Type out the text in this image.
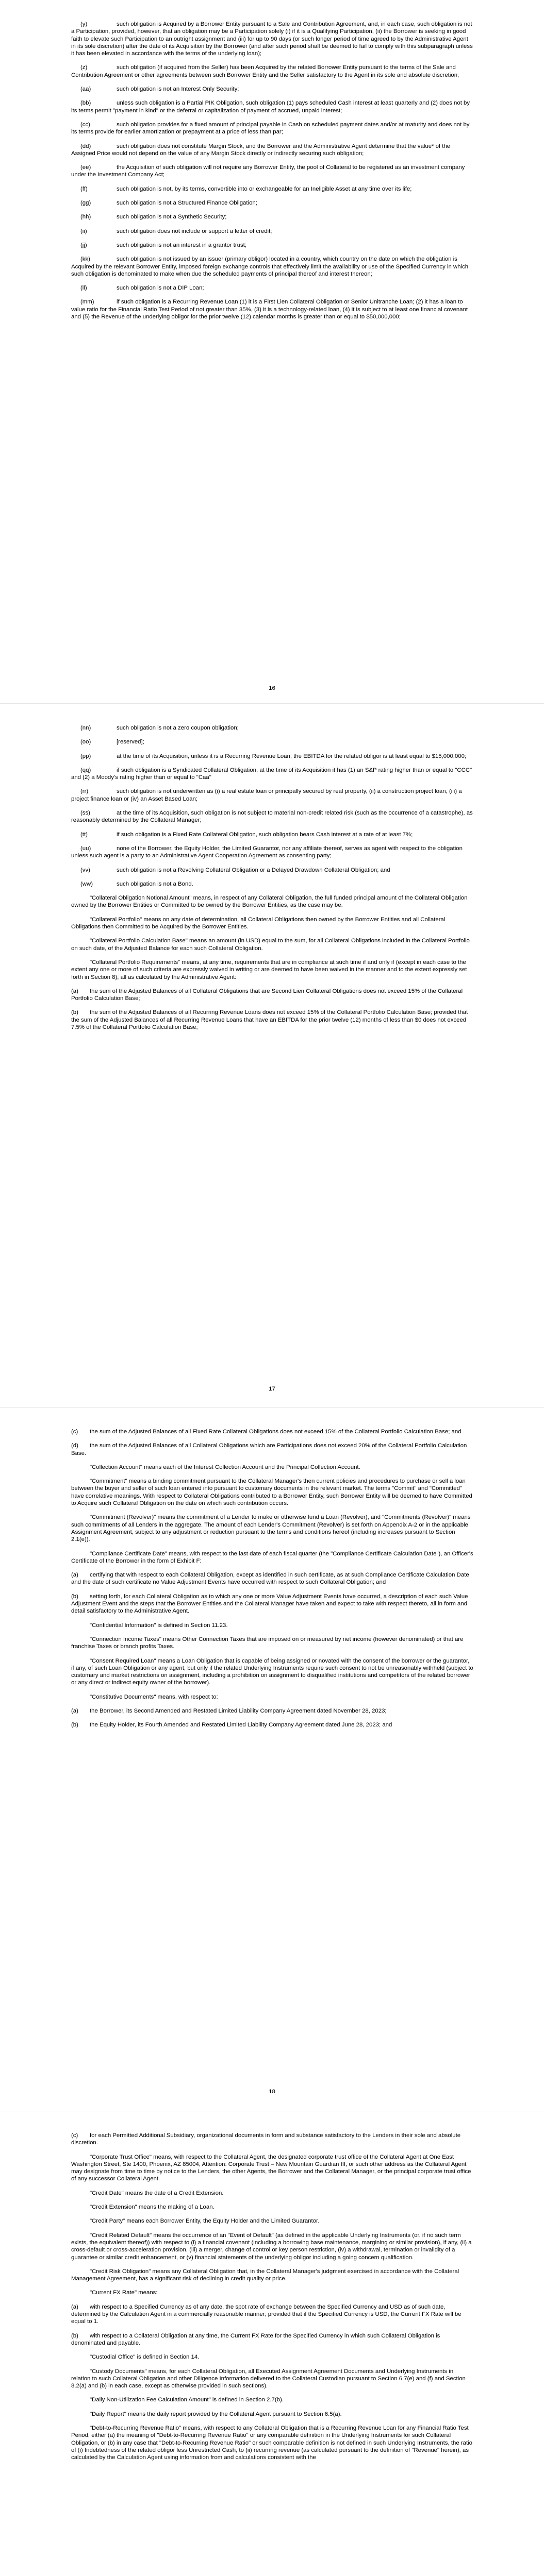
(y)	such obligation is Acquired by a Borrower Entity pursuant to a Sale and Contribution Agreement, and, in each case, such obligation is not a Participation, provided, however, that an obligation may be a Participation solely (i) if it is a Qualifying Participation, (ii) the Borrower is seeking in good faith to elevate such Participation to an outright assignment and (iii) for up to 90 days (or such longer period of time agreed to by the Administrative Agent in its sole discretion) after the date of its Acquisition by the Borrower (and after such period shall be deemed to fail to comply with this subparagraph unless it has been elevated in accordance with the terms of the underlying loan);

(z)	such obligation (if acquired from the Seller) has been Acquired by the related Borrower Entity pursuant to the terms of the Sale and Contribution Agreement or other agreements between such Borrower Entity and the Seller satisfactory to the Agent in its sole and absolute discretion;

(aa)	such obligation is not an Interest Only Security;

(bb)	unless such obligation is a Partial PIK Obligation, such obligation (1) pays scheduled Cash interest at least quarterly and (2) does not by its terms permit "payment in kind" or the deferral or capitalization of payment of accrued, unpaid interest;

(cc)	such obligation provides for a fixed amount of principal payable in Cash on scheduled payment dates and/or at maturity and does not by its terms provide for earlier amortization or prepayment at a price of less than par;

(dd)	such obligation does not constitute Margin Stock, and the Borrower and the Administrative Agent determine that the value* of the Assigned Price would not depend on the value of any Margin Stock directly or indirectly securing such obligation;

(ee)	the Acquisition of such obligation will not require any Borrower Entity, the pool of Collateral to be registered as an investment company under the Investment Company Act;

(ff)	such obligation is not, by its terms, convertible into or exchangeable for an Ineligible Asset at any time over its life;

(gg)	such obligation is not a Structured Finance Obligation;

(hh)	such obligation is not a Synthetic Security;

(ii)	such obligation does not include or support a letter of credit;

(jj)	such obligation is not an interest in a grantor trust;

(kk)	such obligation is not issued by an issuer (primary obligor) located in a country, which country on the date on which the obligation is Acquired by the relevant Borrower Entity, imposed foreign exchange controls that effectively limit the availability or use of the Specified Currency in which such obligation is denominated to make when due the scheduled payments of principal thereof and interest thereon;

(ll)	such obligation is not a DIP Loan;

(mm)	if such obligation is a Recurring Revenue Loan (1) it is a First Lien Collateral Obligation or Senior Unitranche Loan; (2) it has a loan to value ratio for the Financial Ratio Test Period of not greater than 35%, (3) it is a technology-related loan, (4) it is subject to at least one financial covenant and (5) the Revenue of the underlying obligor for the prior twelve (12) calendar months is greater than or equal to $50,000,000;

16

(nn)	such obligation is not a zero coupon obligation;

(oo)	[reserved];

(pp)	at the time of its Acquisition, unless it is a Recurring Revenue Loan, the EBITDA for the related obligor is at least equal to $15,000,000;

(qq)	if such obligation is a Syndicated Collateral Obligation, at the time of its Acquisition it has (1) an S&P rating higher than or equal to "CCC" and (2) a Moody's rating higher than or equal to "Caa"

(rr)	such obligation is not underwritten as (i) a real estate loan or principally secured by real property, (ii) a construction project loan, (iii) a project finance loan or (iv) an Asset Based Loan;

(ss)	at the time of its Acquisition, such obligation is not subject to material non-credit related risk (such as the occurrence of a catastrophe), as reasonably determined by the Collateral Manager;

(tt)	if such obligation is a Fixed Rate Collateral Obligation, such obligation bears Cash interest at a rate of at least 7%;

(uu)	none of the Borrower, the Equity Holder, the Limited Guarantor, nor any affiliate thereof, serves as agent with respect to the obligation unless such agent is a party to an Administrative Agent Cooperation Agreement as consenting party;

(vv)	such obligation is not a Revolving Collateral Obligation or a Delayed Drawdown Collateral Obligation; and

(ww)	such obligation is not a Bond.

"Collateral Obligation Notional Amount" means, in respect of any Collateral Obligation, the full funded principal amount of the Collateral Obligation owned by the Borrower Entities or Committed to be owned by the Borrower Entities, as the case may be.

"Collateral Portfolio" means on any date of determination, all Collateral Obligations then owned by the Borrower Entities and all Collateral Obligations then Committed to be Acquired by the Borrower Entities.

"Collateral Portfolio Calculation Base" means an amount (in USD) equal to the sum, for all Collateral Obligations included in the Collateral Portfolio on such date, of the Adjusted Balance for each such Collateral Obligation.

"Collateral Portfolio Requirements" means, at any time, requirements that are in compliance at such time if and only if (except in each case to the extent any one or more of such criteria are expressly waived in writing or are deemed to have been waived in the manner and to the extent expressly set forth in Section 8), all as calculated by the Administrative Agent:

(a) the sum of the Adjusted Balances of all Collateral Obligations that are Second Lien Collateral Obligations does not exceed 15% of the Collateral Portfolio Calculation Base;

(b) the sum of the Adjusted Balances of all Recurring Revenue Loans does not exceed 15% of the Collateral Portfolio Calculation Base; provided that the sum of the Adjusted Balances of all Recurring Revenue Loans that have an EBITDA for the prior twelve (12) months of less than $0 does not exceed 7.5% of the Collateral Portfolio Calculation Base;

17

(c) the sum of the Adjusted Balances of all Fixed Rate Collateral Obligations does not exceed 15% of the Collateral Portfolio Calculation Base; and

(d) the sum of the Adjusted Balances of all Collateral Obligations which are Participations does not exceed 20% of the Collateral Portfolio Calculation Base.

"Collection Account" means each of the Interest Collection Account and the Principal Collection Account.

"Commitment" means a binding commitment pursuant to the Collateral Manager's then current policies and procedures to purchase or sell a loan between the buyer and seller of such loan entered into pursuant to customary documents in the relevant market. The terms "Commit" and "Committed" have correlative meanings. With respect to Collateral Obligations contributed to a Borrower Entity, such Borrower Entity will be deemed to have Committed to Acquire such Collateral Obligation on the date on which such contribution occurs.

"Commitment (Revolver)" means the commitment of a Lender to make or otherwise fund a Loan (Revolver), and "Commitments (Revolver)" means such commitments of all Lenders in the aggregate. The amount of each Lender's Commitment (Revolver) is set forth on Appendix A-2 or in the applicable Assignment Agreement, subject to any adjustment or reduction pursuant to the terms and conditions hereof (including increases pursuant to Section 2.1(e)).

"Compliance Certificate Date" means, with respect to the last date of each fiscal quarter (the "Compliance Certificate Calculation Date"), an Officer's Certificate of the Borrower in the form of Exhibit F:

(a) certifying that with respect to each Collateral Obligation, except as identified in such certificate, as at such Compliance Certificate Calculation Date and the date of such certificate no Value Adjustment Events have occurred with respect to such Collateral Obligation; and

(b) setting forth, for each Collateral Obligation as to which any one or more Value Adjustment Events have occurred, a description of each such Value Adjustment Event and the steps that the Borrower Entities and the Collateral Manager have taken and expect to take with respect thereto, all in form and detail satisfactory to the Administrative Agent.

"Confidential Information" is defined in Section 11.23.

"Connection Income Taxes" means Other Connection Taxes that are imposed on or measured by net income (however denominated) or that are franchise Taxes or branch profits Taxes.

"Consent Required Loan" means a Loan Obligation that is capable of being assigned or novated with the consent of the borrower or the guarantor, if any, of such Loan Obligation or any agent, but only if the related Underlying Instruments require such consent to not be unreasonably withheld (subject to customary and market restrictions on assignment, including a prohibition on assignment to disqualified institutions and competitors of the related borrower or any direct or indirect equity owner of the borrower).

"Constitutive Documents" means, with respect to:

(a) the Borrower, its Second Amended and Restated Limited Liability Company Agreement dated November 28, 2023;

(b) the Equity Holder, its Fourth Amended and Restated Limited Liability Company Agreement dated June 28, 2023; and

18

(c) for each Permitted Additional Subsidiary, organizational documents in form and substance satisfactory to the Lenders in their sole and absolute discretion.

"Corporate Trust Office" means, with respect to the Collateral Agent, the designated corporate trust office of the Collateral Agent at One East Washington Street, Ste 1400, Phoenix, AZ 85004, Attention: Corporate Trust – New Mountain Guardian III, or such other address as the Collateral Agent may designate from time to time by notice to the Lenders, the other Agents, the Borrower and the Collateral Manager, or the principal corporate trust office of any successor Collateral Agent.

"Credit Date" means the date of a Credit Extension.

"Credit Extension" means the making of a Loan.

"Credit Party" means each Borrower Entity, the Equity Holder and the Limited Guarantor.

"Credit Related Default" means the occurrence of an "Event of Default" (as defined in the applicable Underlying Instruments (or, if no such term exists, the equivalent thereof)) with respect to (i) a financial covenant (including a borrowing base maintenance, margining or similar provision), if any, (ii) a cross-default or cross-acceleration provision, (iii) a merger, change of control or key person restriction, (iv) a withdrawal, termination or invalidity of a guarantee or similar credit enhancement, or (v) financial statements of the underlying obligor including a going concern qualification.

"Credit Risk Obligation" means any Collateral Obligation that, in the Collateral Manager's judgment exercised in accordance with the Collateral Management Agreement, has a significant risk of declining in credit quality or price.

"Current FX Rate" means:

(a) with respect to a Specified Currency as of any date, the spot rate of exchange between the Specified Currency and USD as of such date, determined by the Calculation Agent in a commercially reasonable manner; provided that if the Specified Currency is USD, the Current FX Rate will be equal to 1.

(b) with respect to a Collateral Obligation at any time, the Current FX Rate for the Specified Currency in which such Collateral Obligation is denominated and payable.

"Custodial Office" is defined in Section 14.

"Custody Documents" means, for each Collateral Obligation, all Executed Assignment Agreement Documents and Underlying Instruments in relation to such Collateral Obligation and other Diligence Information delivered to the Collateral Custodian pursuant to Section 6.7(e) and (f) and Section 8.2(a) and (b) in each case, except as otherwise provided in such sections).

"Daily Non-Utilization Fee Calculation Amount" is defined in Section 2.7(b).

"Daily Report" means the daily report provided by the Collateral Agent pursuant to Section 6.5(a).

"Debt-to-Recurring Revenue Ratio" means, with respect to any Collateral Obligation that is a Recurring Revenue Loan for any Financial Ratio Test Period, either (a) the meaning of "Debt-to-Recurring Revenue Ratio" or any comparable definition in the Underlying Instruments for such Collateral Obligation, or (b) in any case that "Debt-to-Recurring Revenue Ratio" or such comparable definition is not defined in such Underlying Instruments, the ratio of (i) Indebtedness of the related obligor less Unrestricted Cash, to (ii) recurring revenue (as calculated pursuant to the definition of "Revenue" herein), as calculated by the Calculation Agent using information from and calculations consistent with the
